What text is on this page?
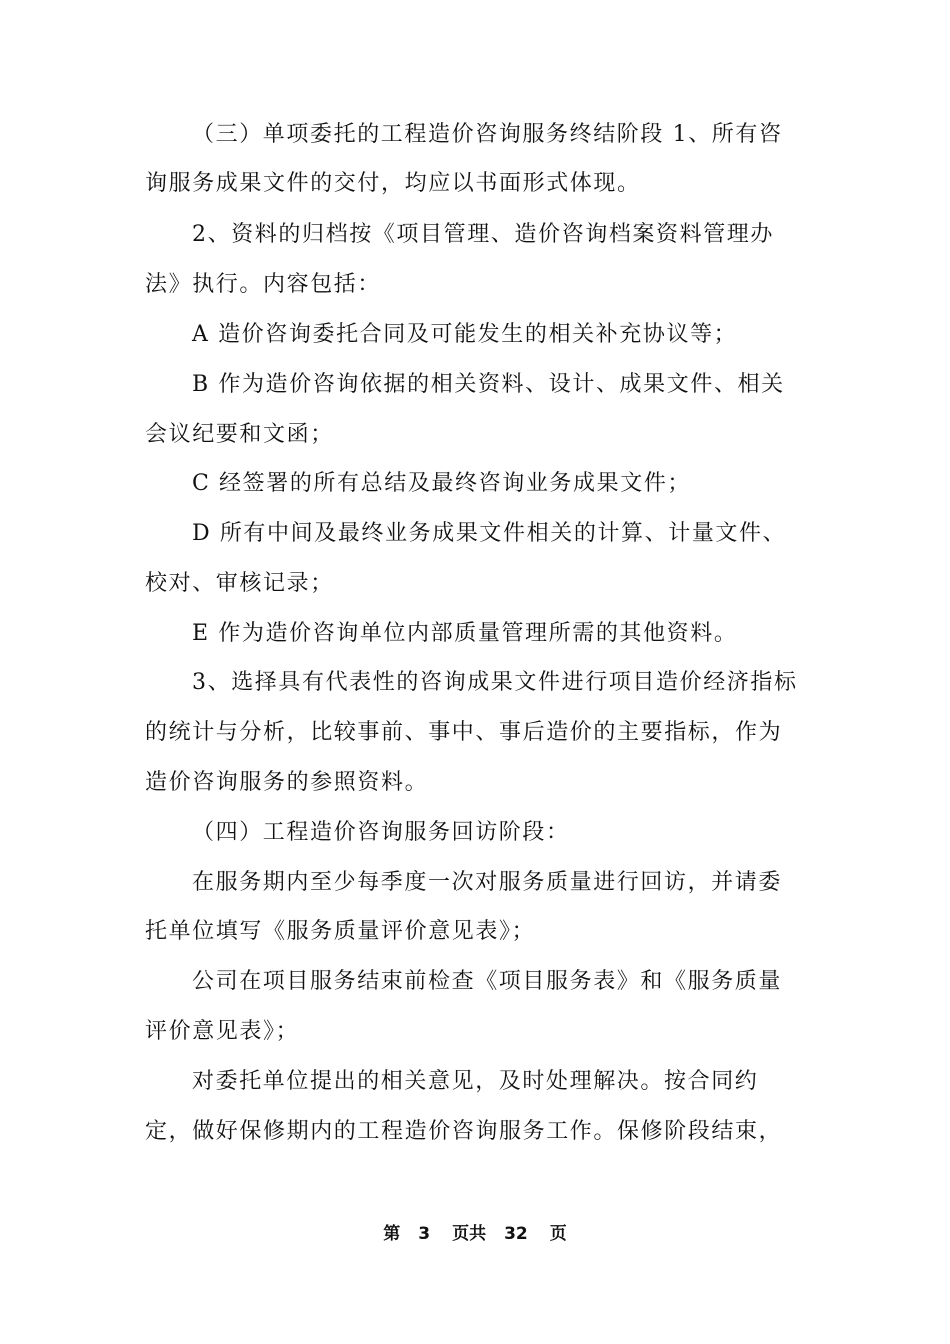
（三）单项委托的工程造价咨询服务终结阶段 1、所有咨
询服务成果文件的交付，均应以书面形式体现。
2、资料的归档按《项目管理、造价咨询档案资料管理办
法》执行。内容包括：
A 造价咨询委托合同及可能发生的相关补充协议等；
B 作为造价咨询依据的相关资料、设计、成果文件、相关
会议纪要和文函；
C 经签署的所有总结及最终咨询业务成果文件；
D 所有中间及最终业务成果文件相关的计算、计量文件、
校对、审核记录；
E 作为造价咨询单位内部质量管理所需的其他资料。
3、选择具有代表性的咨询成果文件进行项目造价经济指标
的统计与分析，比较事前、事中、事后造价的主要指标，作为
造价咨询服务的参照资料。
（四）工程造价咨询服务回访阶段：
在服务期内至少每季度一次对服务质量进行回访，并请委
托单位填写《服务质量评价意见表》；
公司在项目服务结束前检查《项目服务表》和《服务质量
评价意见表》；
对委托单位提出的相关意见，及时处理解决。按合同约
定，做好保修期内的工程造价咨询服务工作。保修阶段结束，
第 3 页共 32 页
